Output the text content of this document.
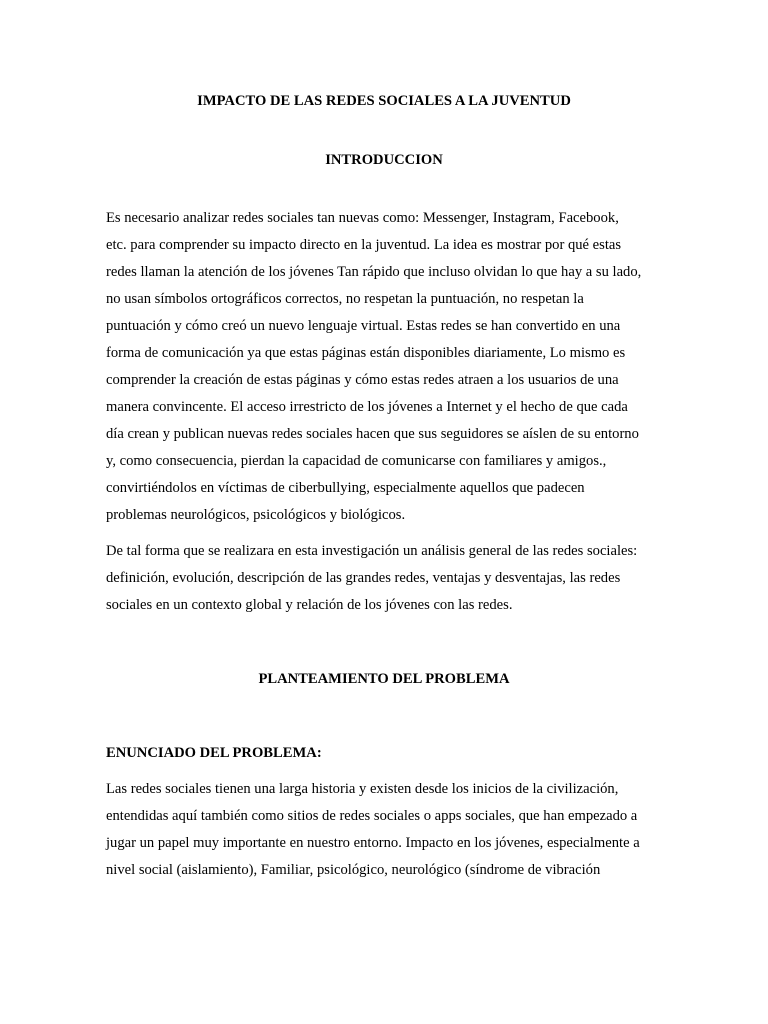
IMPACTO DE LAS REDES SOCIALES A LA JUVENTUD
INTRODUCCION
Es necesario analizar redes sociales tan nuevas como: Messenger, Instagram, Facebook,
etc. para comprender su impacto directo en la juventud. La idea es mostrar por qué estas
redes llaman la atención de los jóvenes Tan rápido que incluso olvidan lo que hay a su lado,
no usan símbolos ortográficos correctos, no respetan la puntuación, no respetan la
puntuación y cómo creó un nuevo lenguaje virtual. Estas redes se han convertido en una
forma de comunicación ya que estas páginas están disponibles diariamente, Lo mismo es
comprender la creación de estas páginas y cómo estas redes atraen a los usuarios de una
manera convincente. El acceso irrestricto de los jóvenes a Internet y el hecho de que cada
día crean y publican nuevas redes sociales hacen que sus seguidores se aíslen de su entorno
y, como consecuencia, pierdan la capacidad de comunicarse con familiares y amigos.,
convirtiéndolos en víctimas de ciberbullying, especialmente aquellos que padecen
problemas neurológicos, psicológicos y biológicos.
De tal forma que se realizara en esta investigación un análisis general de las redes sociales:
definición, evolución, descripción de las grandes redes, ventajas y desventajas, las redes
sociales en un contexto global y relación de los jóvenes con las redes.
PLANTEAMIENTO DEL PROBLEMA
ENUNCIADO DEL PROBLEMA:
Las redes sociales tienen una larga historia y existen desde los inicios de la civilización,
entendidas aquí también como sitios de redes sociales o apps sociales, que han empezado a
jugar un papel muy importante en nuestro entorno. Impacto en los jóvenes, especialmente a
nivel social (aislamiento), Familiar, psicológico, neurológico (síndrome de vibración
